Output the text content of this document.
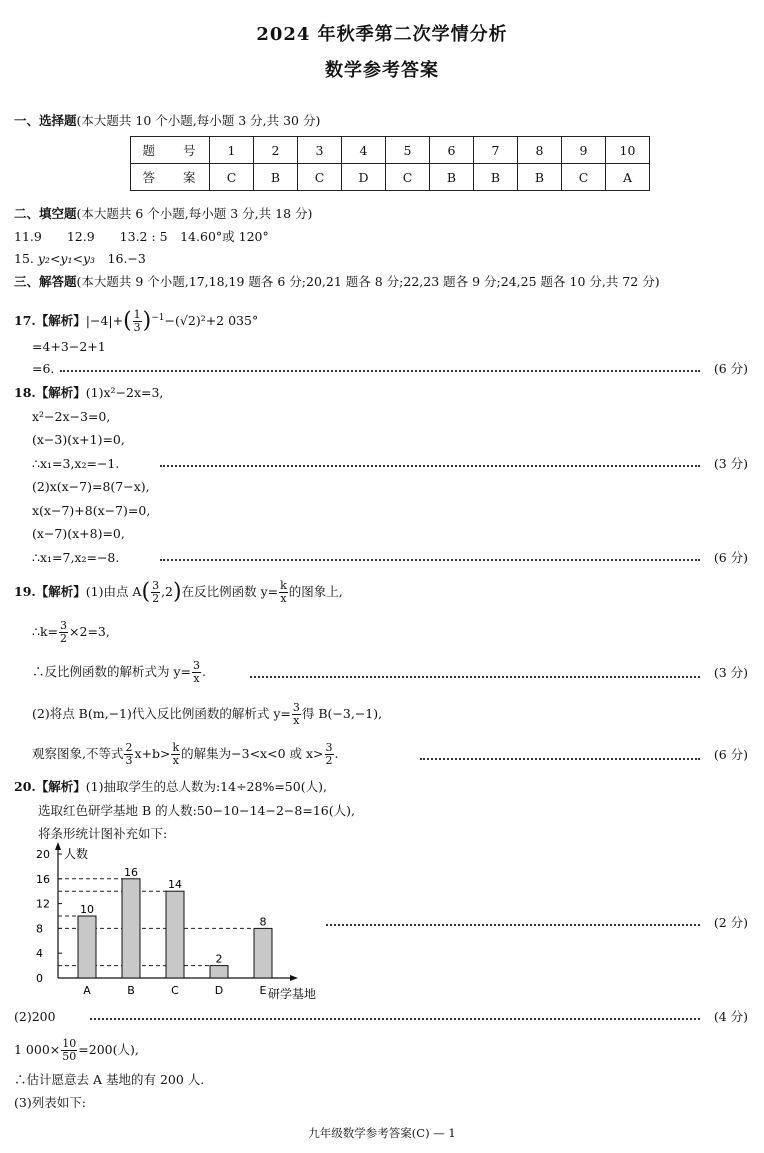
2024 年秋季第二次学情分析
数学参考答案
一、选择题(本大题共 10 个小题,每小题 3 分,共 30 分)
题 号	1	2	3	4	5	6	7	8	9	10
答 案	C	B	C	D	C	B	B	B	C	A
二、填空题(本大题共 6 个小题,每小题 3 分,共 18 分)
11.9　　12.9　　13.2 : 5　14.60°或 120°
15. y₂<y₁<y₃　16.−3
三、解答题(本大题共 9 个小题,17,18,19 题各 6 分;20,21 题各 8 分;22,23 题各 9 分;24,25 题各 10 分,共 72 分)
17.【解析】$|-4|+( \frac{1}{3} )^{-1}-(√2)^2+2$ 035°
=4+3−2+1
=6.	(6 分)
18.【解析】(1)x²−2x=3,
x²−2x−3=0,
(x−3)(x+1)=0,
∴x₁=3,x₂=−1.	(3 分)
(2)x(x−7)=8(7−x),
x(x−7)+8(x−7)=0,
(x−7)(x+8)=0,
∴x₁=7,x₂=−8.	(6 分)
19.【解析】(1)由点 $A( \frac{3}{2} ,2)$在反比例函数 $y= \frac{k}{x}$ 的图象上,
∴k= $\frac{3}{2} \times 2=3$,
∴反比例函数的解析式为 $y= \frac{3}{x}$ .	(3 分)
(2)将点 B(m,−1)代入反比例函数的解析式 $y= \frac{3}{x}$ 得 B(−3,−1),
观察图象,不等式 $\frac{2}{3} x+b> \frac{k}{x}$ 的解集为−3<x<0 或 $x> \frac{3}{2}$ .	(6 分)
20.【解析】(1)抽取学生的总人数为:14÷28%=50(人),
选取红色研学基地 B 的人数:50−10−14−2−8=16(人),
将条形统计图补充如下:
人数
0
4
8
12
16
20
10
A
16
B
14
C
2
D
8
E 研学基地
(2 分)
(2)200	(4 分)
1 $000\times \frac{10}{50} =200$(人),
∴估计愿意去 A 基地的有 200 人.
(3)列表如下:
九年级数学参考答案(C) — 1
